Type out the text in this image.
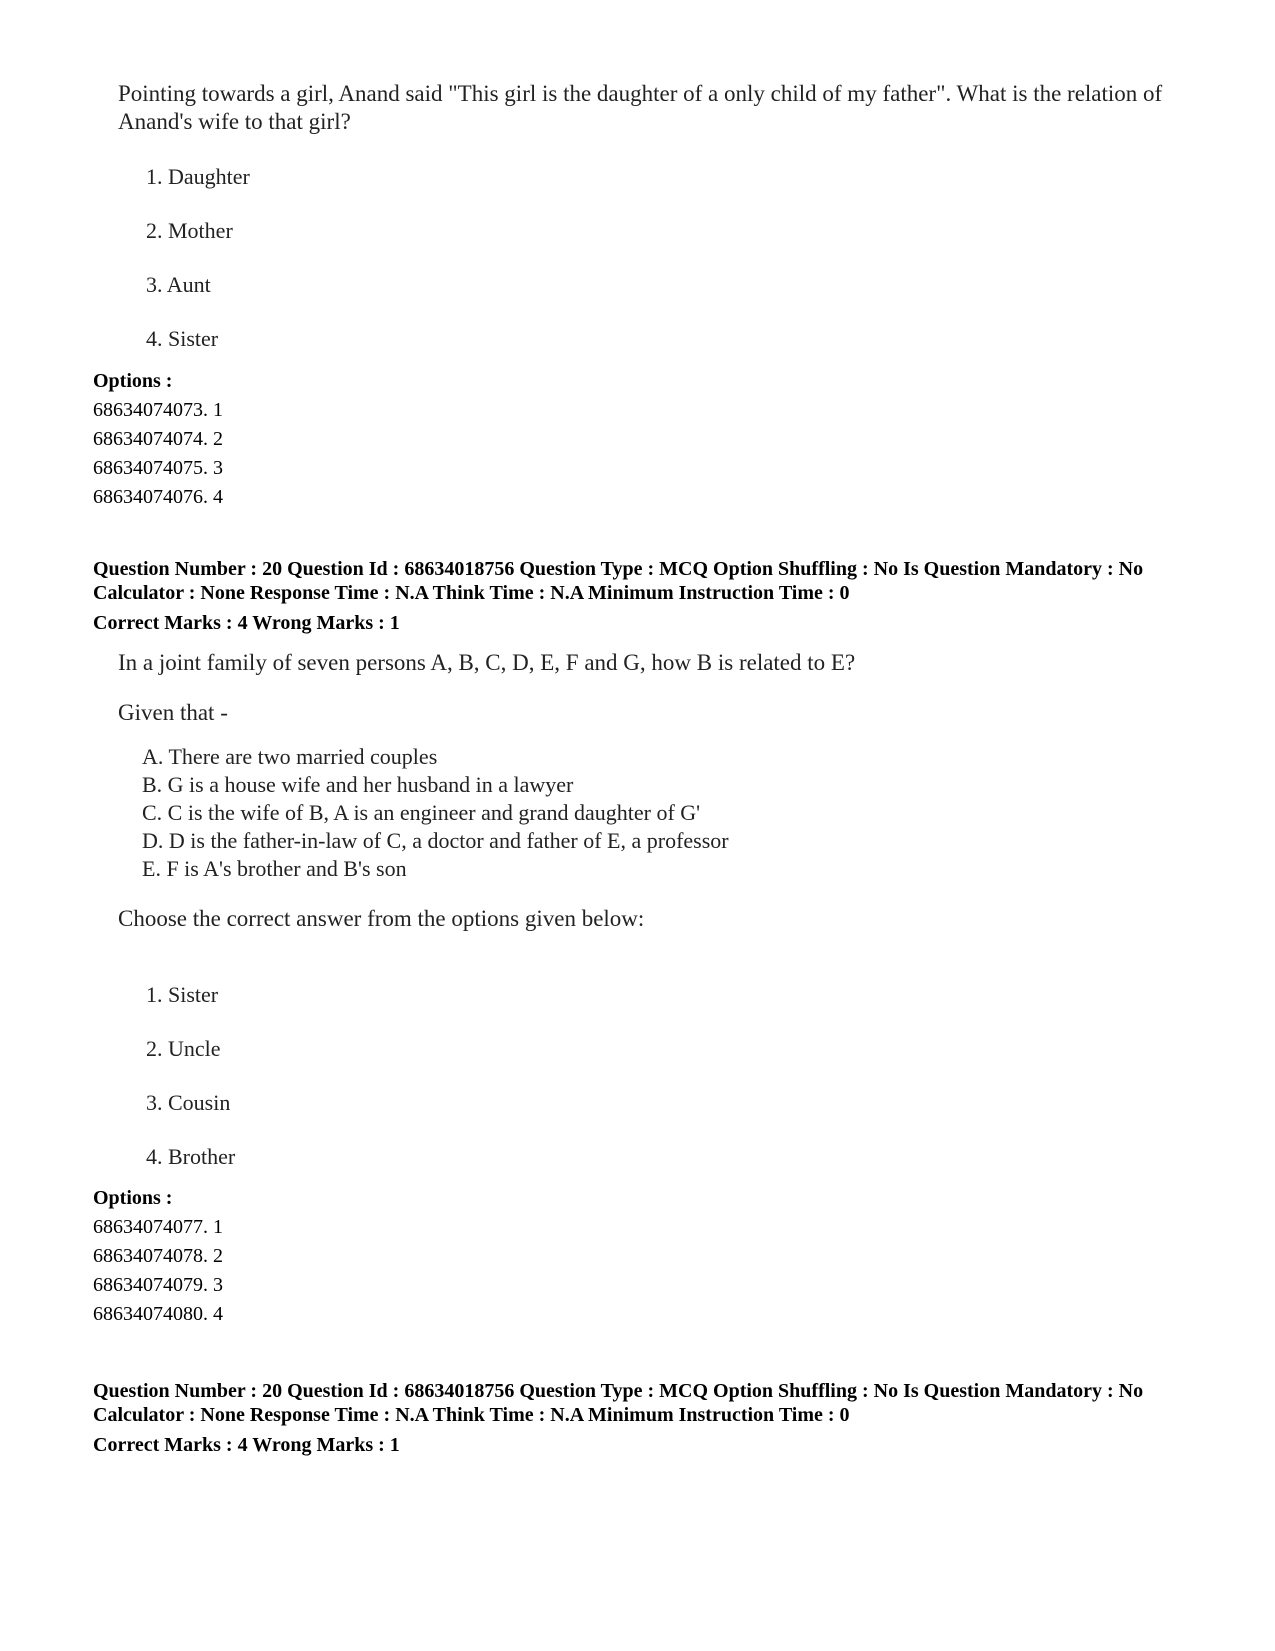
Pointing towards a girl, Anand said "This girl is the daughter of a only child of my father". What is the relation of Anand's wife to that girl?
1. Daughter
2. Mother
3. Aunt
4. Sister
Options :
68634074073. 1
68634074074. 2
68634074075. 3
68634074076. 4
Question Number : 20 Question Id : 68634018756 Question Type : MCQ Option Shuffling : No Is Question Mandatory : No Calculator : None Response Time : N.A Think Time : N.A Minimum Instruction Time : 0
Correct Marks : 4 Wrong Marks : 1
In a joint family of seven persons A, B, C, D, E, F and G, how B is related to E?
Given that -
A. There are two married couples
B. G is a house wife and her husband in a lawyer
C. C is the wife of B, A is an engineer and grand daughter of G'
D. D is the father-in-law of C, a doctor and father of E, a professor
E. F is A's brother and B's son
Choose the correct answer from the options given below:
1. Sister
2. Uncle
3. Cousin
4. Brother
Options :
68634074077. 1
68634074078. 2
68634074079. 3
68634074080. 4
Question Number : 20 Question Id : 68634018756 Question Type : MCQ Option Shuffling : No Is Question Mandatory : No Calculator : None Response Time : N.A Think Time : N.A Minimum Instruction Time : 0
Correct Marks : 4 Wrong Marks : 1
